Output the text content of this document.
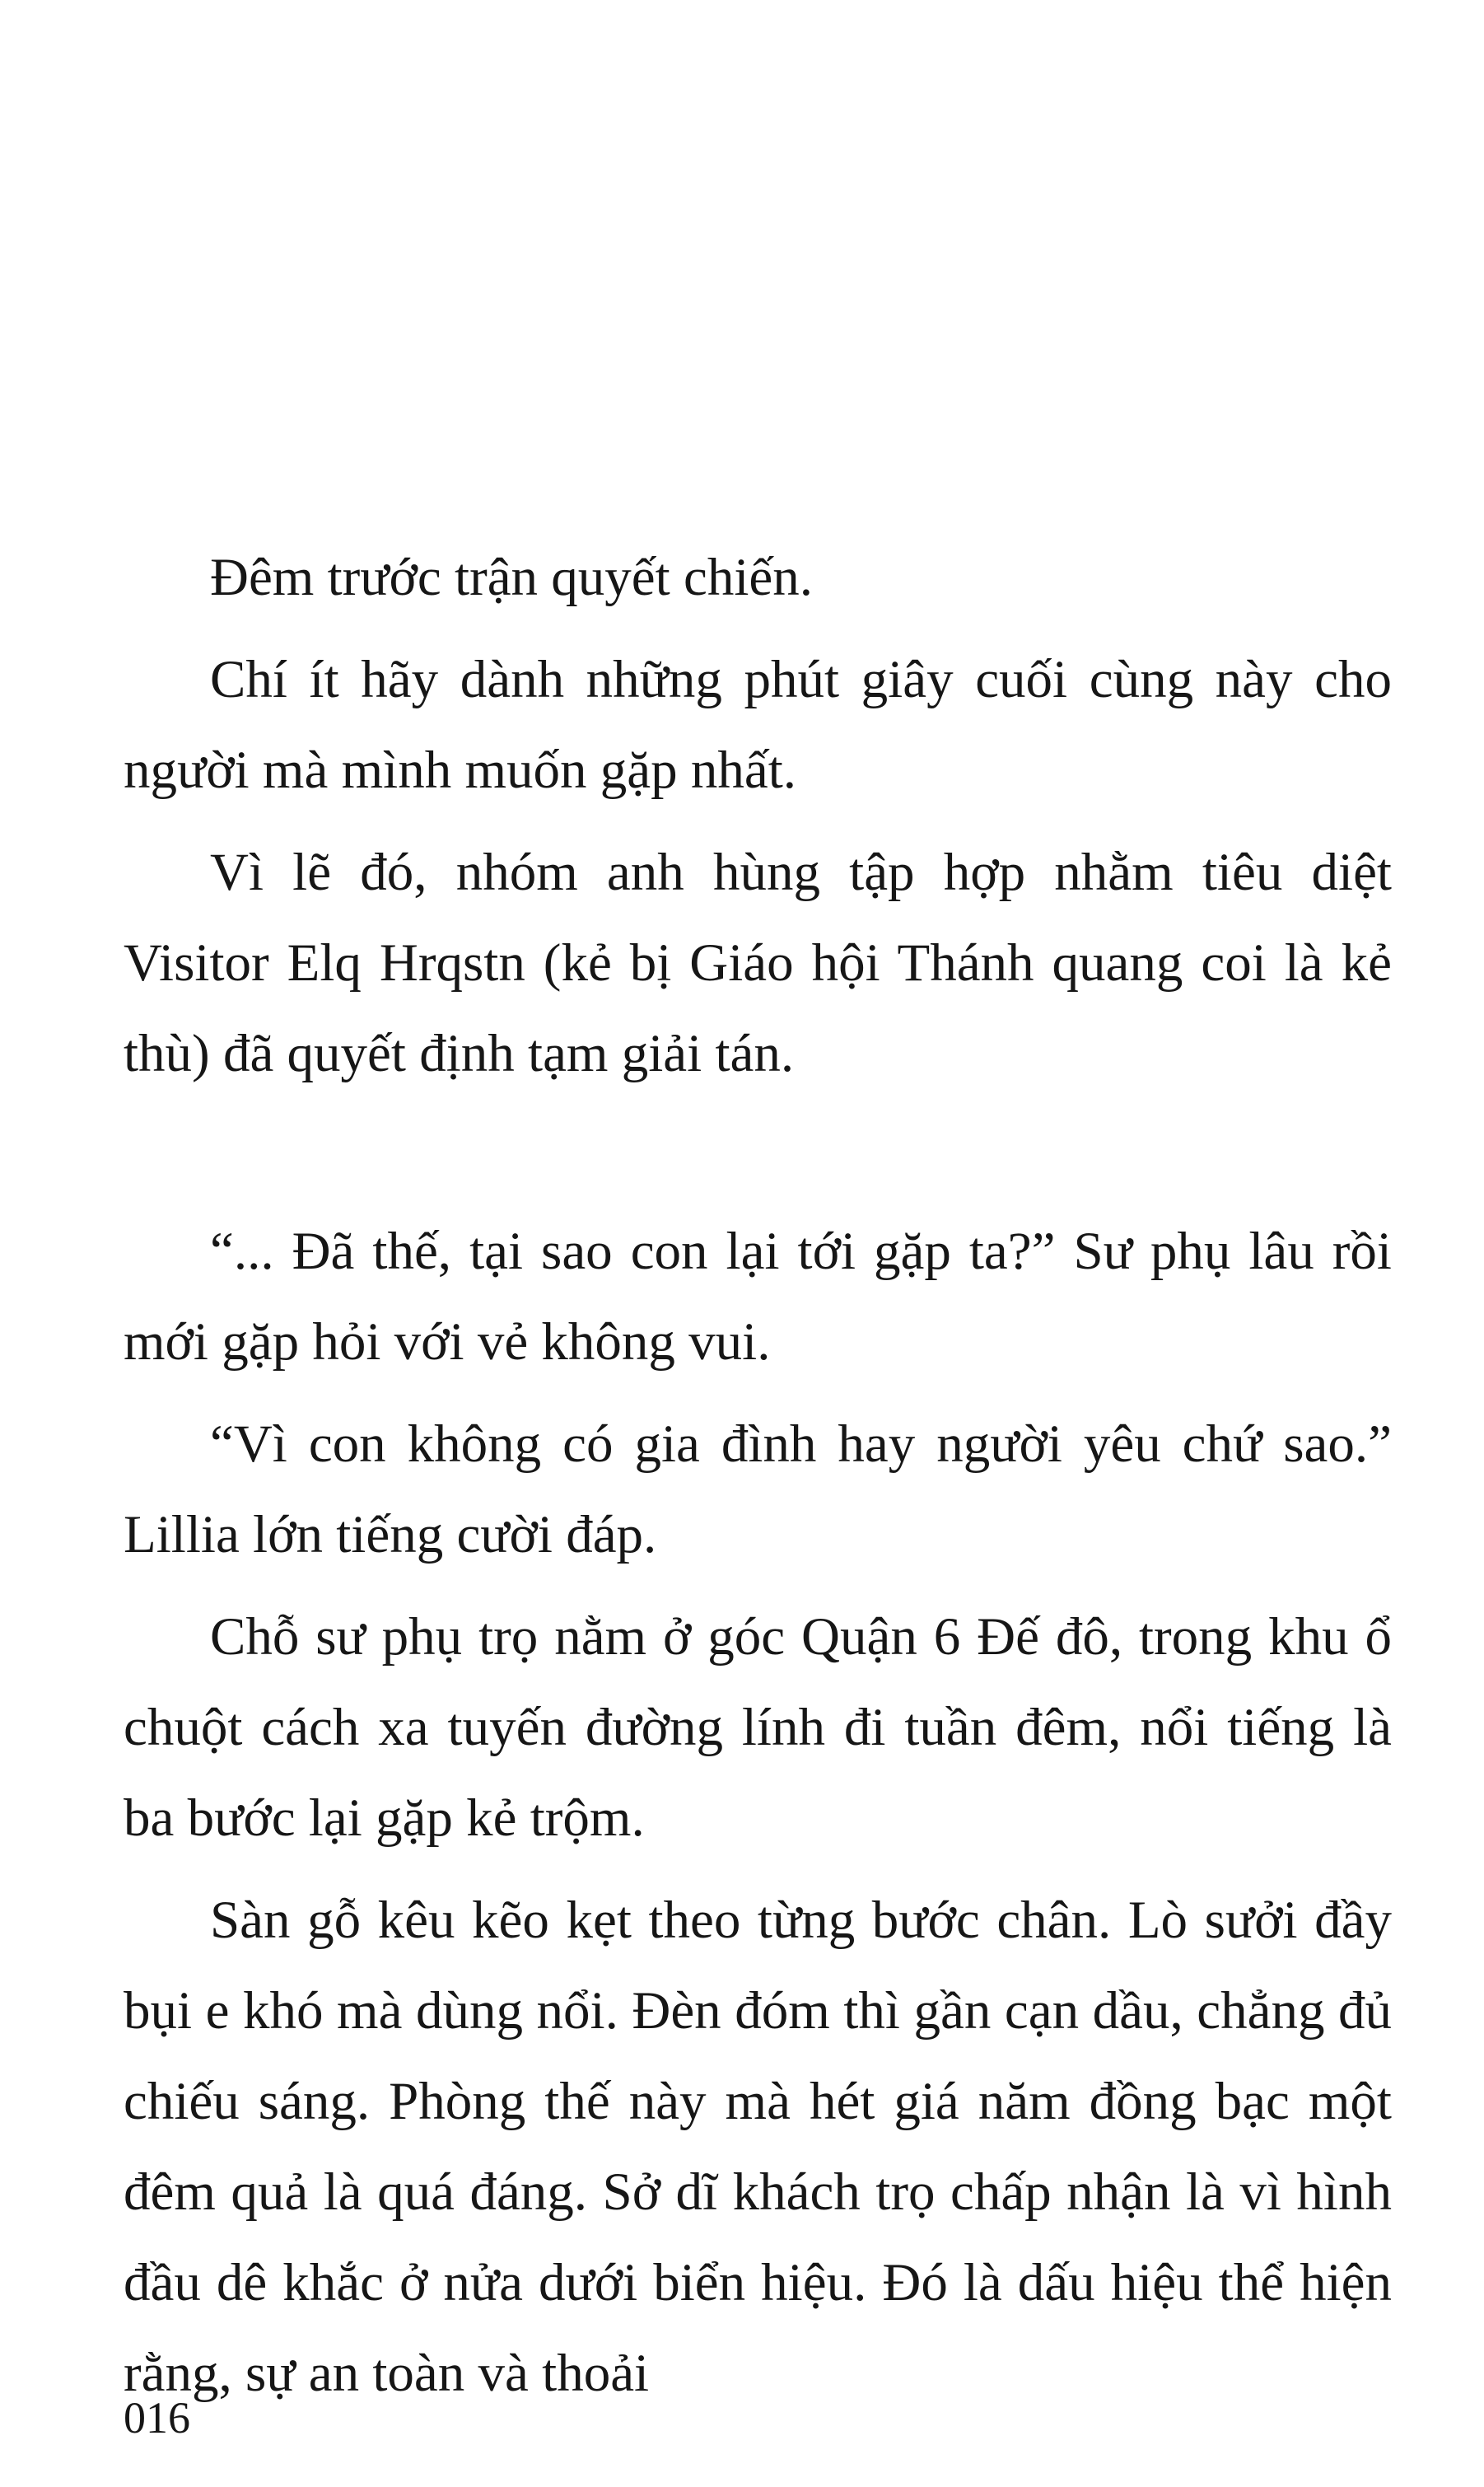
Đêm trước trận quyết chiến.

Chí ít hãy dành những phút giây cuối cùng này cho người mà mình muốn gặp nhất.

Vì lẽ đó, nhóm anh hùng tập hợp nhằm tiêu diệt Visitor Elq Hrqstn (kẻ bị Giáo hội Thánh quang coi là kẻ thù) đã quyết định tạm giải tán.

“... Đã thế, tại sao con lại tới gặp ta?” Sư phụ lâu rồi mới gặp hỏi với vẻ không vui.

“Vì con không có gia đình hay người yêu chứ sao.” Lillia lớn tiếng cười đáp.

Chỗ sư phụ trọ nằm ở góc Quận 6 Đế đô, trong khu ổ chuột cách xa tuyến đường lính đi tuần đêm, nổi tiếng là ba bước lại gặp kẻ trộm.

Sàn gỗ kêu kẽo kẹt theo từng bước chân. Lò sưởi đầy bụi e khó mà dùng nổi. Đèn đóm thì gần cạn dầu, chẳng đủ chiếu sáng. Phòng thế này mà hét giá năm đồng bạc một đêm quả là quá đáng. Sở dĩ khách trọ chấp nhận là vì hình đầu dê khắc ở nửa dưới biển hiệu. Đó là dấu hiệu thể hiện rằng, sự an toàn và thoải

016
